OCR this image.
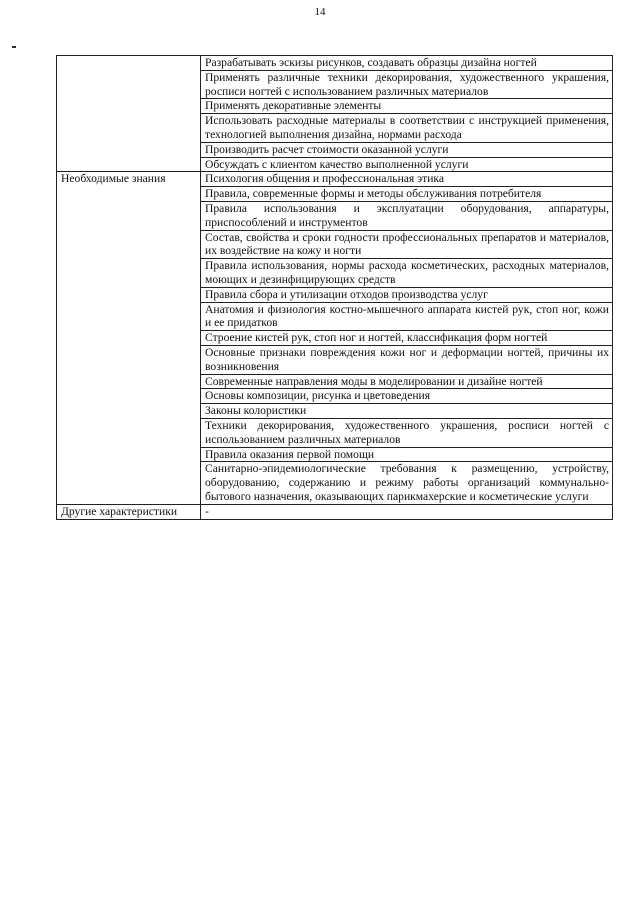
14

	Разрабатывать эскизы рисунков, создавать образцы дизайна ногтей

	Применять различные техники декорирования, художественного украшения, росписи ногтей с использованием различных материалов

	Применять декоративные элементы

	Использовать расходные материалы в соответствии с инструкцией применения, технологией выполнения дизайна, нормами расхода

	Производить расчет стоимости оказанной услуги

	Обсуждать с клиентом качество выполненной услуги

Необходимые знания	Психология общения и профессиональная этика

	Правила, современные формы и методы обслуживания потребителя

	Правила использования и эксплуатации оборудования, аппаратуры, приспособлений и инструментов

	Состав, свойства и сроки годности профессиональных препаратов и материалов, их воздействие на кожу и ногти

	Правила использования, нормы расхода косметических, расходных материалов, моющих и дезинфицирующих средств

	Правила сбора и утилизации отходов производства услуг

	Анатомия и физиология костно-мышечного аппарата кистей рук, стоп ног, кожи и ее придатков

	Строение кистей рук, стоп ног и ногтей, классификация форм ногтей

	Основные признаки повреждения кожи ног и деформации ногтей, причины их возникновения

	Современные направления моды в моделировании и дизайне ногтей

	Основы композиции, рисунка и цветоведения

	Законы колористики

	Техники декорирования, художественного украшения, росписи ногтей с использованием различных материалов

	Правила оказания первой помощи

	Санитарно-эпидемиологические требования к размещению, устройству, оборудованию, содержанию и режиму работы организаций коммунально-бытового назначения, оказывающих парикмахерские и косметические услуги

Другие характеристики	-
